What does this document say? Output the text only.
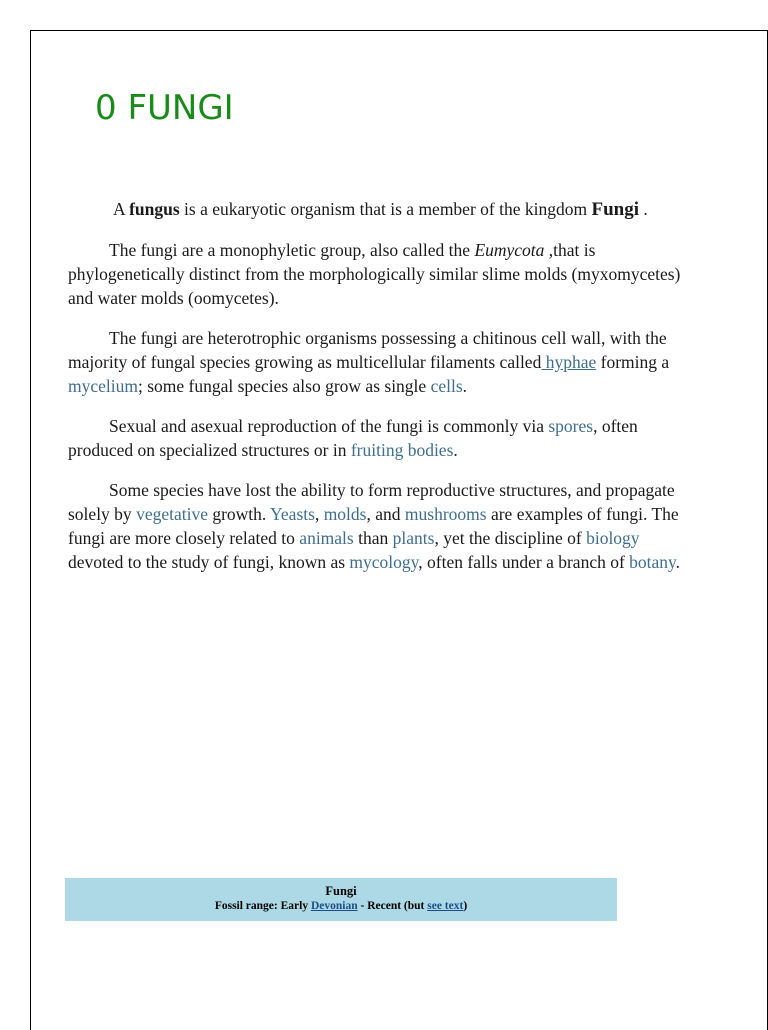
0 FUNGI

A fungus is a eukaryotic organism that is a member of the kingdom Fungi .

The fungi are a monophyletic group, also called the Eumycota ,that is phylogenetically distinct from the morphologically similar slime molds (myxomycetes) and water molds (oomycetes).

The fungi are heterotrophic organisms possessing a chitinous cell wall, with the majority of fungal species growing as multicellular filaments called hyphae forming a mycelium; some fungal species also grow as single cells.

Sexual and asexual reproduction of the fungi is commonly via spores, often produced on specialized structures or in fruiting bodies.

Some species have lost the ability to form reproductive structures, and propagate solely by vegetative growth. Yeasts, molds, and mushrooms are examples of fungi. The fungi are more closely related to animals than plants, yet the discipline of biology devoted to the study of fungi, known as mycology, often falls under a branch of botany.

Fungi
Fossil range: Early Devonian - Recent (but see text)
